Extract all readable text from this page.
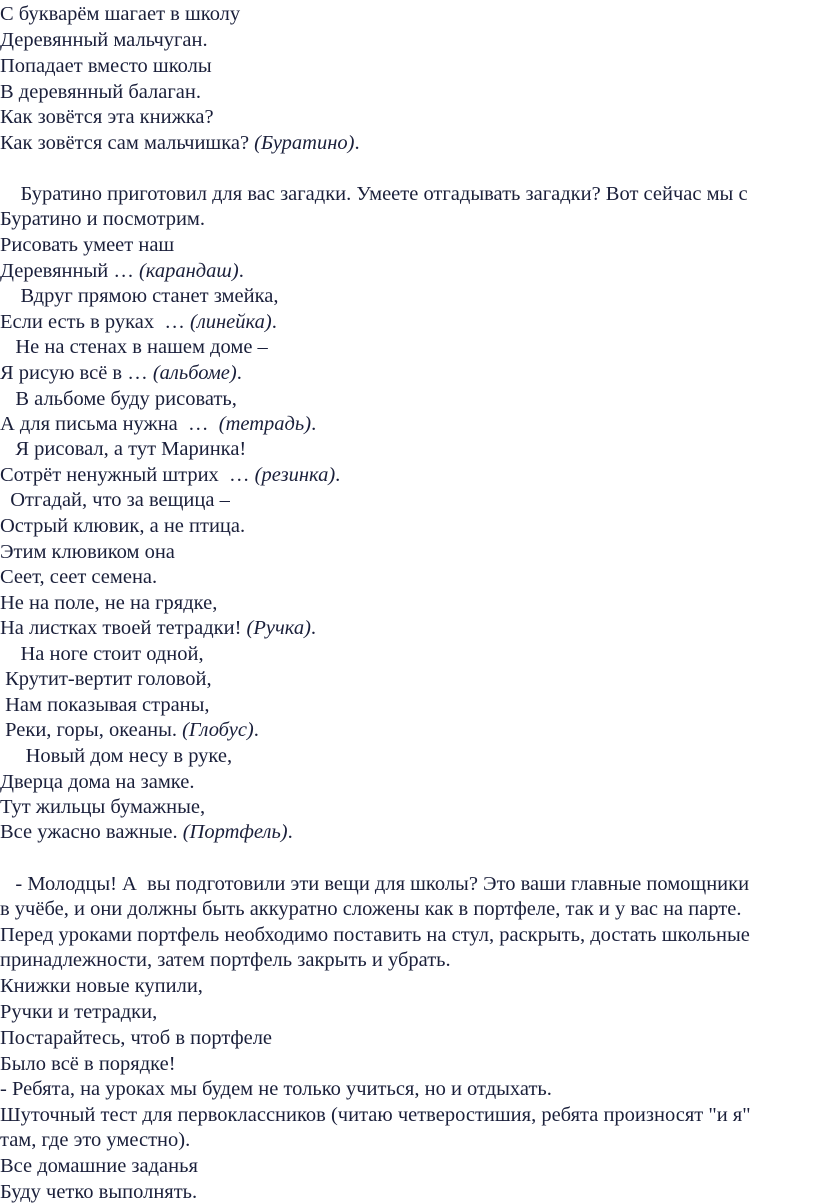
С букварём шагает в школу
Деревянный мальчуган.
Попадает вместо школы
В деревянный балаган.
Как зовётся эта книжка?
Как зовётся сам мальчишка? (Буратино).
Буратино приготовил для вас загадки. Умеете отгадывать загадки? Вот сейчас мы с
Буратино и посмотрим.
Рисовать умеет наш
Деревянный … (карандаш).
Вдруг прямою станет змейка,
Если есть в руках  … (линейка).
Не на стенах в нашем доме –
Я рисую всё в … (альбоме).
В альбоме буду рисовать,
А для письма нужна  …  (тетрадь).
Я рисовал, а тут Маринка!
Сотрёт ненужный штрих  … (резинка).
Отгадай, что за вещица –
Острый клювик, а не птица.
Этим клювиком она
Сеет, сеет семена.
Не на поле, не на грядке,
На листках твоей тетрадки! (Ручка).
На ноге стоит одной,
Крутит-вертит головой,
Нам показывая страны,
Реки, горы, океаны. (Глобус).
Новый дом несу в руке,
Дверца дома на замке.
Тут жильцы бумажные,
Все ужасно важные. (Портфель).
- Молодцы! А  вы подготовили эти вещи для школы? Это ваши главные помощники
в учёбе, и они должны быть аккуратно сложены как в портфеле, так и у вас на парте.
Перед уроками портфель необходимо поставить на стул, раскрыть, достать школьные
принадлежности, затем портфель закрыть и убрать.
Книжки новые купили,
Ручки и тетрадки,
Постарайтесь, чтоб в портфеле
Было всё в порядке!
- Ребята, на уроках мы будем не только учиться, но и отдыхать.
Шуточный тест для первоклассников (читаю четверостишия, ребята произносят "и я"
там, где это уместно).
Все домашние заданья
Буду четко выполнять.
